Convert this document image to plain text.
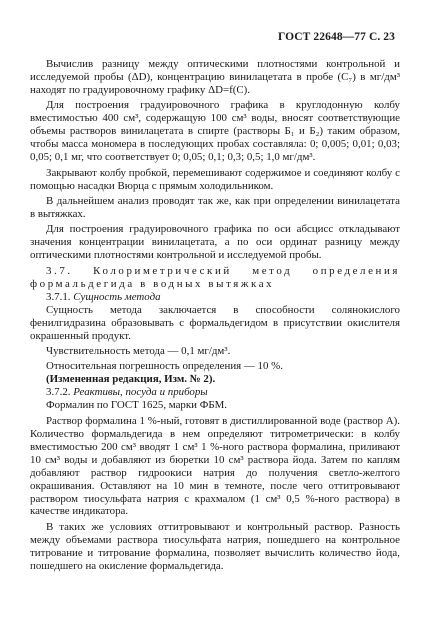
ГОСТ 22648—77 С. 23

Вычислив разницу между оптическими плотностями контрольной и исследуемой пробы (ΔD), концентрацию винилацетата в пробе (C₇) в мг/дм³ находят по градуировочному графику ΔD=f(C).

Для построения градуировочного графика в круглодонную колбу вместимостью 400 см³, содержащую 100 см³ воды, вносят соответствующие объемы растворов винилацетата в спирте (растворы Б₁ и Б₂) таким образом, чтобы масса мономера в последующих пробах составляла: 0; 0,005; 0,01; 0,03; 0,05; 0,1 мг, что соответствует 0; 0,05; 0,1; 0,3; 0,5; 1,0 мг/дм³.

Закрывают колбу пробкой, перемешивают содержимое и соединяют колбу с помощью насадки Вюрца с прямым холодильником.

В дальнейшем анализ проводят так же, как при определении винилацетата в вытяжках.

Для построения градуировочного графика по оси абсцисс откладывают значения концентрации винилацетата, а по оси ординат разницу между оптическими плотностями контрольной и исследуемой пробы.

3.7. Колориметрический метод определения формальдегида в водных вытяжках

3.7.1. Сущность метода

Сущность метода заключается в способности солянокислого фенилгидразина образовывать с формальдегидом в присутствии окислителя окрашенный продукт.

Чувствительность метода — 0,1 мг/дм³.

Относительная погрешность определения — 10 %.

(Измененная редакция, Изм. № 2).

3.7.2. Реактивы, посуда и приборы

Формалин по ГОСТ 1625, марки ФБМ.

Раствор формалина 1 %-ный, готовят в дистиллированной воде (раствор А). Количество формальдегида в нем определяют титрометрически: в колбу вместимостью 200 см³ вводят 1 см³ 1 %-ного раствора формалина, приливают 10 см³ воды и добавляют из бюретки 10 см³ раствора йода. Затем по каплям добавляют раствор гидроокиси натрия до получения светло-желтого окрашивания. Оставляют на 10 мин в темноте, после чего оттитровывают раствором тиосульфата натрия с крахмалом (1 см³ 0,5 %-ного раствора) в качестве индикатора.

В таких же условиях оттитровывают и контрольный раствор. Разность между объемами раствора тиосульфата натрия, пошедшего на контрольное титрование и титрование формалина, позволяет вычислить количество йода, пошедшего на окисление формальдегида.
